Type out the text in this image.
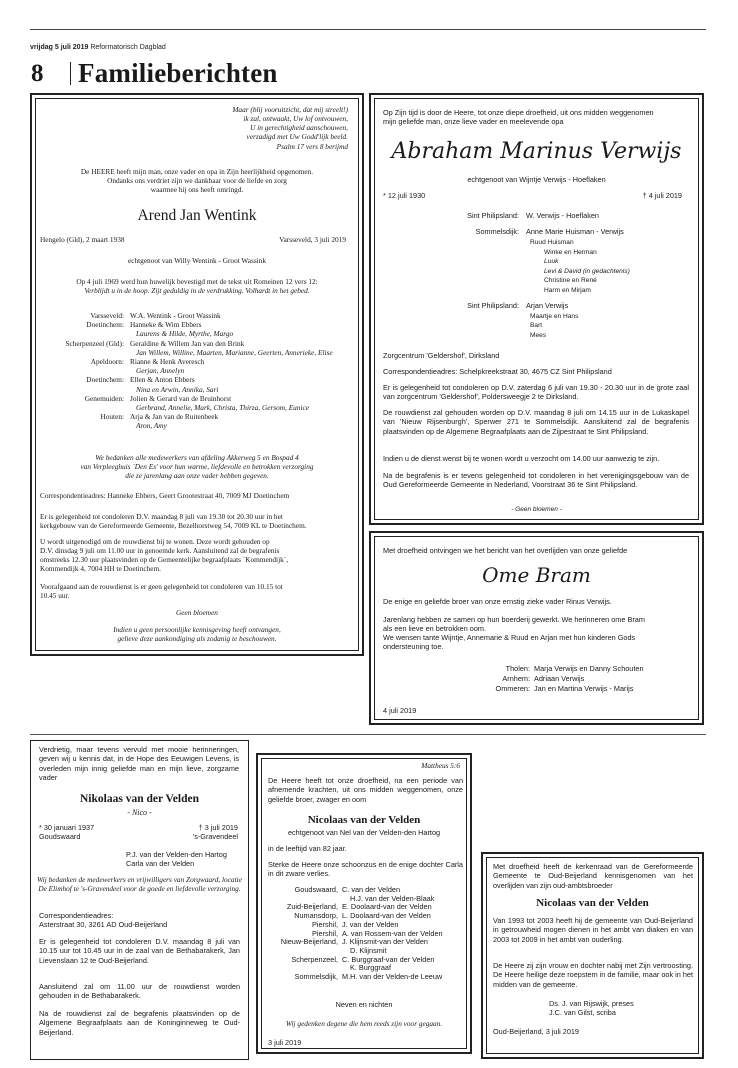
vrijdag 5 juli 2019 Reformatorisch Dagblad
8 Familieberichten
Maar (blij vooruitzicht, dat mij streelt!)
ik zal, ontwaakt, Uw lof ontvouwen,
U in gerechtigheid aanschouwen,
verzadigd met Uw Godd'lijk beeld.
Psalm 17 vers 8 berijmd
De HEERE heeft mijn man, onze vader en opa in Zijn heerlijkheid opgenomen.
Ondanks ons verdriet zijn we dankbaar voor de liefde en zorg
waarmee hij ons heeft omringd.
Arend Jan Wentink
Hengelo (Gld), 2 maart 1938	Varsseveld, 3 juli 2019
echtgenoot van Willy Wentink - Groot Wassink
Op 4 juli 1969 werd hun huwelijk bevestigd met de tekst uit Romeinen 12 vers 12:
Verblijdt u in de hoop. Zijt geduldig in de verdrukking. Volhardt in het gebed.
Varsseveld: W.A. Wentink - Groot Wassink
Doetinchem: Hanneke & Wim Ebbers
Laurens & Hilde, Myrthe, Margo
Scherpenzeel (Gld): Geraldine & Willem Jan van den Brink
Jan Willem, Willine, Maarten, Marianne, Geerten, Annerieke, Elise
Apeldoorn: Rianne & Henk Averesch
Gerjan, Annelyn
Doetinchem: Ellen & Anton Ebbers
Nina en Arwin, Annika, Sari
Genemuiden: Jolien & Gerard van de Bruinhorst
Gerbrand, Annelie, Mark, Christa, Thirza, Gersom, Eunice
Houten: Arja & Jan van de Ruitenbeek
Aron, Amy
We bedanken alle medewerkers van afdeling Akkerweg 5 en Bospad 4
van Verpleeghuis `Den Es' voor hun warme, liefdevolle en betrokken verzorging
die ze jarenlang aan onze vader hebben gegeven.
Correspondentieadres: Hanneke Ebbers, Geert Grootestraat 40, 7009 MJ Doetinchem
Er is gelegenheid tot condoleren D.V. maandag 8 juli van 19.30 tot 20.30 uur in het
kerkgebouw van de Gereformeerde Gemeente, Bezelhorstweg 54, 7009 KL te Doetinchem.
U wordt uitgenodigd om de rouwdienst bij te wonen. Deze wordt gehouden op
D.V. dinsdag 9 juli om 11.00 uur in genoemde kerk. Aansluitend zal de begrafenis
omstreeks 12.30 uur plaatsvinden op de Gemeentelijke begraafplaats `Kommendijk`,
Kommendijk 4, 7004 HH te Doetinchem.
Voorafgaand aan de rouwdienst is er geen gelegenheid tot condoleren van 10.15 tot
10.45 uur.
Geen bloemen
Indien u geen persoonlijke kennisgeving heeft ontvangen,
gelieve deze aankondiging als zodanig te beschouwen.
Op Zijn tijd is door de Heere, tot onze diepe droefheid, uit ons midden weggenomen
mijn geliefde man, onze lieve vader en meelevende opa
Abraham Marinus Verwijs
echtgenoot van Wijntje Verwijs - Hoeflaken
* 12 juli 1930	† 4 juli 2019
Sint Philipsland: W. Verwijs - Hoeflaken
Sommelsdijk: Anne Marie Huisman - Verwijs
Ruud Huisman
Winke en Herman
Luuk
Levi & David (in gedachtenis)
Christine en René
Harm en Mirjam
Sint Philipsland: Arjan Verwijs
Maartje en Hans
Bart
Mees
Zorgcentrum 'Geldershof', Dirksland
Correspondentieadres: Schelpkreekstraat 30, 4675 CZ Sint Philipsland
Er is gelegenheid tot condoleren op D.V. zaterdag 6 juli van 19.30 - 20.30 uur in de grote zaal van zorgcentrum 'Geldershof', Poldersweegje 2 te Dirksland.
De rouwdienst zal gehouden worden op D.V. maandag 8 juli om 14.15 uur in de Lukaskapel van 'Nieuw Rijsenburgh', Sperwer 271 te Sommelsdijk. Aansluitend zal de begrafenis plaatsvinden op de Algemene Begraafplaats aan de Zijpestraat te Sint Philipsland.
Indien u de dienst wenst bij te wonen wordt u verzocht om 14.00 uur aanwezig te zijn.
Na de begrafenis is er tevens gelegenheid tot condoleren in het verenigingsgebouw van de Oud Gereformeerde Gemeente in Nederland, Voorstraat 36 te Sint Philipsland.
- Geen bloemen -
Met droefheid ontvingen we het bericht van het overlijden van onze geliefde
Ome Bram
De enige en geliefde broer van onze ernstig zieke vader Rinus Verwijs.
Jarenlang hebben ze samen op hun boerderij gewerkt. We herinneren ome Bram
als een lieve en betrokken oom.
We wensen tante Wijntje, Annemarie & Ruud en Arjan met hun kinderen Gods
ondersteuning toe.
Tholen: Marja Verwijs en Danny Schouten
Arnhem: Adriaan Verwijs
Ommeren: Jan en Martina Verwijs - Marijs
4 juli 2019
Verdrietig, maar tevens vervuld met mooie herinneringen, geven wij u kennis dat, in de Hope des Eeuwigen Levens, is overleden mijn innig geliefde man en mijn lieve, zorgzame vader
Nikolaas van der Velden
- Nico -
* 30 januari 1937
Goudswaard
† 3 juli 2019
's-Gravendeel
P.J. van der Velden-den Hartog
Carla van der Velden
Wij bedanken de medewerkers en vrijwilligers van Zorgwaard, locatie De Elimhof te 's-Gravendeel voor de goede en liefdevolle verzorging.
Correspondentieadres:
Asterstraat 30, 3261 AD Oud-Beijerland
Er is gelegenheid tot condoleren D.V. maandag 8 juli van 10.15 uur tot 10.45 uur in de zaal van de Bethabarakerk, Jan Lievenslaan 12 te Oud-Beijerland.
Aansluitend zal om 11.00 uur de rouwdienst worden gehouden in de Bethabarakerk.
Na de rouwdienst zal de begrafenis plaatsvinden op de Algemene Begraafplaats aan de Koninginneweg te Oud-Beijerland.
Mattheus 5:6
De Heere heeft tot onze droefheid, na een periode van afnemende krachten, uit ons midden weggenomen, onze geliefde broer, zwager en oom
Nicolaas van der Velden
echtgenoot van Nel van der Velden-den Hartog
in de leeftijd van 82 jaar.
Sterke de Heere onze schoonzus en de enige dochter Carla in dit zware verlies.
Goudswaard, C. van der Velden
H.J. van der Velden-Blaak
Zuid-Beijerland, E. Doolaard-van der Velden
Numansdorp, L. Doolaard-van der Velden
Piershil, J. van der Velden
Piershil, A. van Rossem-van der Velden
Nieuw-Beijerland, J. Klijnsmit-van der Velden
D. Klijnsmit
Scherpenzeel, C. Burggraaf-van der Velden
K. Burggraaf
Sommelsdijk, M.H. van der Velden-de Leeuw
Neven en nichten
Wij gedenken degene die hem reeds zijn voor gegaan.
3 juli 2019
Met droefheid heeft de kerkenraad van de Gereformeerde Gemeente te Oud-Beijerland kennisgenomen van het overlijden van zijn oud-ambtsbroeder
Nicolaas van der Velden
Van 1993 tot 2003 heeft hij de gemeente van Oud-Beijerland in getrouwheid mogen dienen in het ambt van diaken en van 2003 tot 2009 in het ambt van ouderling.
De Heere zij zijn vrouw en dochter nabij met Zijn vertroosting. De Heere heilige deze roepstem in de familie, maar ook in het midden van de gemeente.
Ds. J. van Rijswijk, preses
J.C. van Gilst, scriba
Oud-Beijerland, 3 juli 2019
